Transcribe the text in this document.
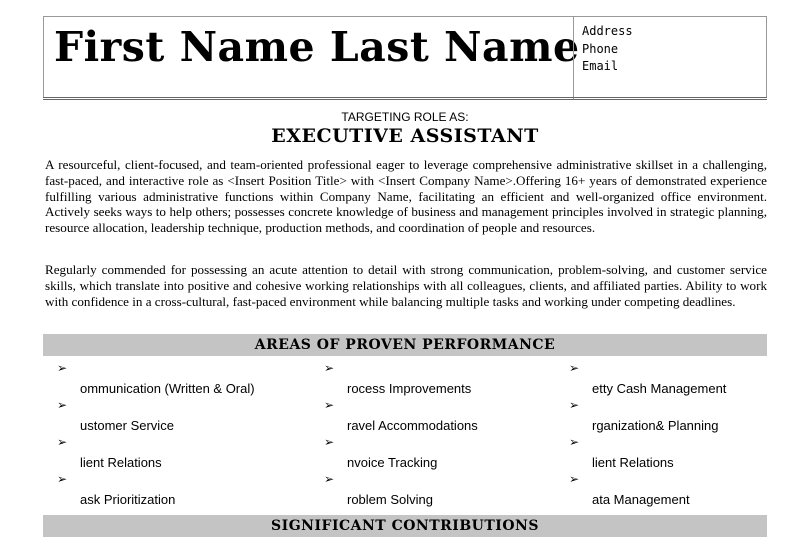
First Name Last Name Address
Phone
Email
TARGETING ROLE AS:
EXECUTIVE ASSISTANT
A resourceful, client-focused, and team-oriented professional eager to leverage comprehensive administrative skillset in a challenging, fast-paced, and interactive role as <Insert Position Title> with <Insert Company Name>.Offering 16+ years of demonstrated experience fulfilling various administrative functions within Company Name, facilitating an efficient and well-organized office environment. Actively seeks ways to help others; possesses concrete knowledge of business and management principles involved in strategic planning, resource allocation, leadership technique, production methods, and coordination of people and resources.
Regularly commended for possessing an acute attention to detail with strong communication, problem-solving, and customer service skills, which translate into positive and cohesive working relationships with all colleagues, clients, and affiliated parties. Ability to work with confidence in a cross-cultural, fast-paced environment while balancing multiple tasks and working under competing deadlines.
AREAS OF PROVEN PERFORMANCE
➢
ommunication (Written & Oral)
➢
ustomer Service
➢
lient Relations
➢
ask Prioritization
➢
rocess Improvements
➢
ravel Accommodations
➢
nvoice Tracking
➢
roblem Solving
➢
etty Cash Management
➢
rganization& Planning
➢
lient Relations
➢
ata Management
SIGNIFICANT CONTRIBUTIONS
